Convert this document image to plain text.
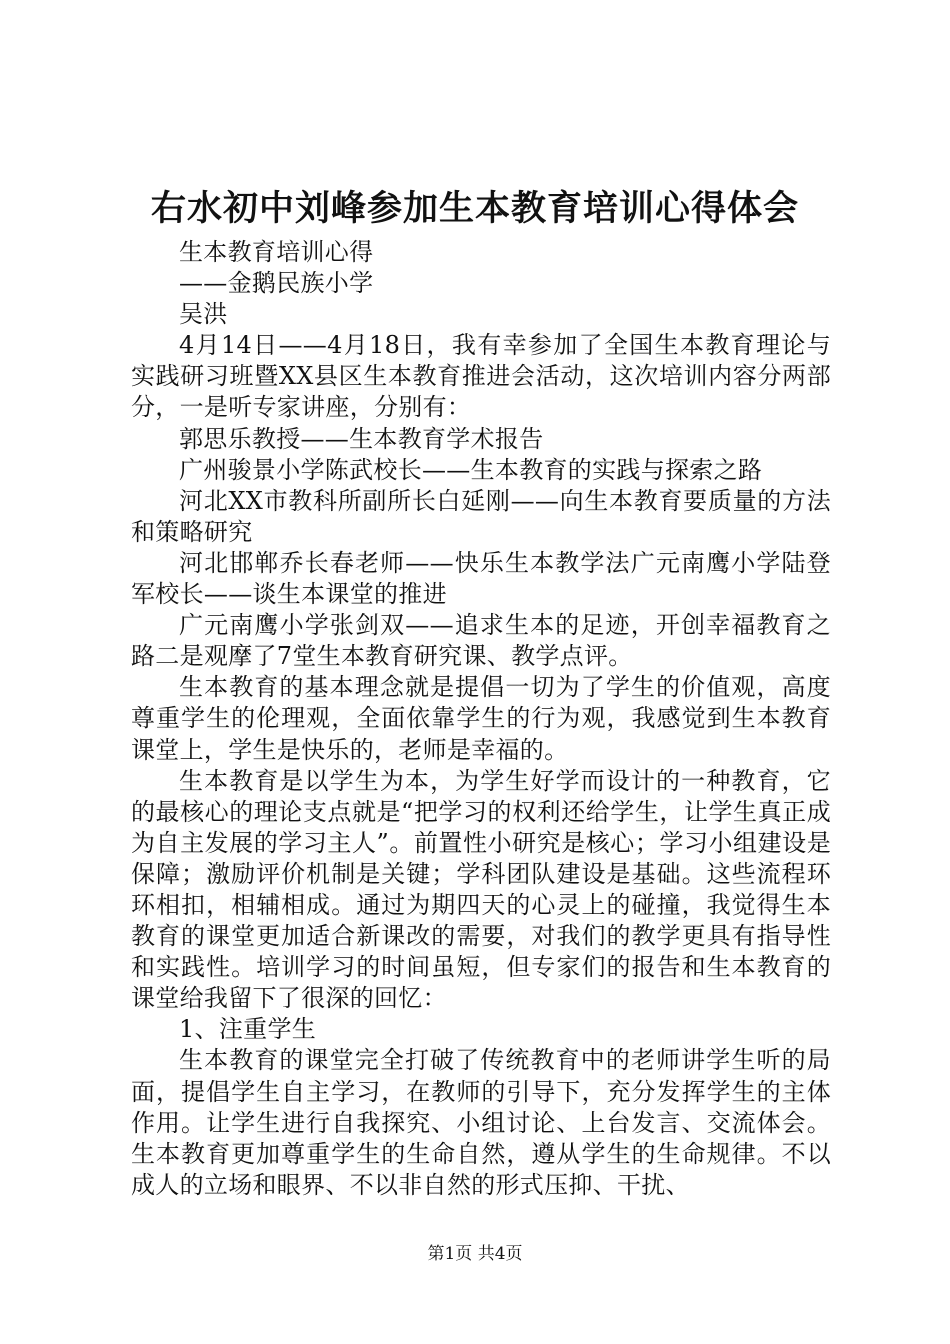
右水初中刘峰参加生本教育培训心得体会

生本教育培训心得

——金鹅民族小学

吴洪

4月14日——4月18日，我有幸参加了全国生本教育理论与实践研习班暨XX县区生本教育推进会活动，这次培训内容分两部分，一是听专家讲座，分别有：

郭思乐教授——生本教育学术报告

广州骏景小学陈武校长——生本教育的实践与探索之路

河北XX市教科所副所长白延刚——向生本教育要质量的方法和策略研究

河北邯郸乔长春老师——快乐生本教学法广元南鹰小学陆登军校长——谈生本课堂的推进

广元南鹰小学张剑双——追求生本的足迹，开创幸福教育之路二是观摩了7堂生本教育研究课、教学点评。

生本教育的基本理念就是提倡一切为了学生的价值观，高度尊重学生的伦理观，全面依靠学生的行为观，我感觉到生本教育课堂上，学生是快乐的，老师是幸福的。

生本教育是以学生为本，为学生好学而设计的一种教育，它的最核心的理论支点就是“把学习的权利还给学生，让学生真正成为自主发展的学习主人”。前置性小研究是核心；学习小组建设是保障；激励评价机制是关键；学科团队建设是基础。这些流程环环相扣，相辅相成。通过为期四天的心灵上的碰撞，我觉得生本教育的课堂更加适合新课改的需要，对我们的教学更具有指导性和实践性。培训学习的时间虽短，但专家们的报告和生本教育的课堂给我留下了很深的回忆：

1、注重学生

生本教育的课堂完全打破了传统教育中的老师讲学生听的局面，提倡学生自主学习，在教师的引导下，充分发挥学生的主体作用。让学生进行自我探究、小组讨论、上台发言、交流体会。生本教育更加尊重学生的生命自然，遵从学生的生命规律。不以成人的立场和眼界、不以非自然的形式压抑、干扰、

第1页 共4页
